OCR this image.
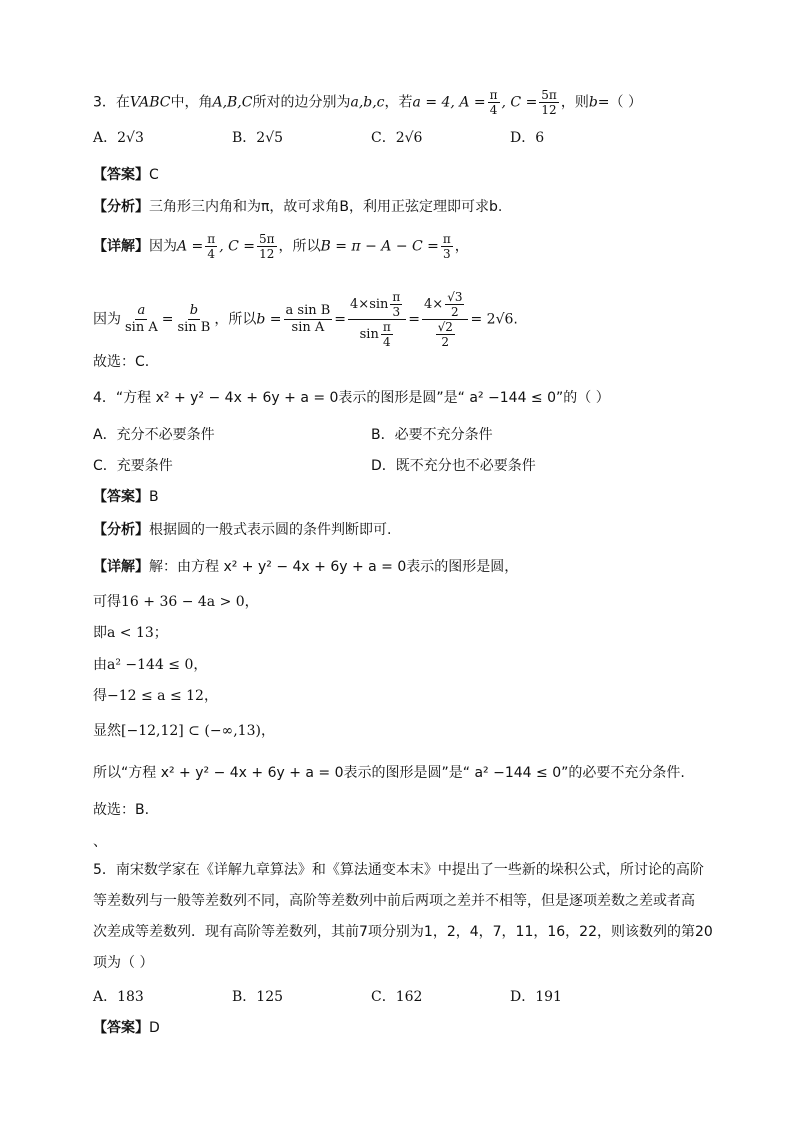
3．在VABC中，角A,B,C所对的边分别为a,b,c，若a = 4, $A = \frac{\pi}{4}$ , $C = \frac{5\pi}{12}$ ，则b=（ ）
A．2√3	B．2√5	C．2√6	D．6
【答案】C
【分析】三角形三内角和为π，故可求角B，利用正弦定理即可求b.
【详解】因为$A = \frac{\pi}{4}$ , $C = \frac{5\pi}{12}$ ，所以$B = \pi - A - C = \frac{\pi}{3}$ ，
因为 $\frac{a}{\text{sin A}} = \frac{b}{\text{sin B}}$ ，所以$b = \frac{\text{a sin B}}{\text{sin A}} = \frac{4\times\sin \frac{\pi}{3}}{\sin \frac{\pi}{4}} = \frac{4\times \frac{√3}{2}}{\frac{√2}{2}} = 2√6$.
故选：C.
4．“方程 x² + y² − 4x + 6y + a = 0表示的图形是圆”是“ a² −144 ≤ 0”的（ ）
A．充分不必要条件	B．必要不充分条件
C．充要条件	D．既不充分也不必要条件
【答案】B
【分析】根据圆的一般式表示圆的条件判断即可.
【详解】解：由方程 x² + y² − 4x + 6y + a = 0表示的图形是圆，
可得16 + 36 − 4a > 0，
即a < 13；
由a² −144 ≤ 0，
得−12 ≤ a ≤ 12，
显然[−12,12] ⊂ (−∞,13)，
所以“方程 x² + y² − 4x + 6y + a = 0表示的图形是圆”是“ a² −144 ≤ 0”的必要不充分条件.
故选：B.
、
5．南宋数学家在《详解九章算法》和《算法通变本末》中提出了一些新的垛积公式，所讨论的高阶
等差数列与一般等差数列不同，高阶等差数列中前后两项之差并不相等，但是逐项差数之差或者高
次差成等差数列．现有高阶等差数列，其前7项分别为1，2，4，7，11，16，22，则该数列的第20
项为（ ）
A．183	B．125	C．162	D．191
【答案】D
